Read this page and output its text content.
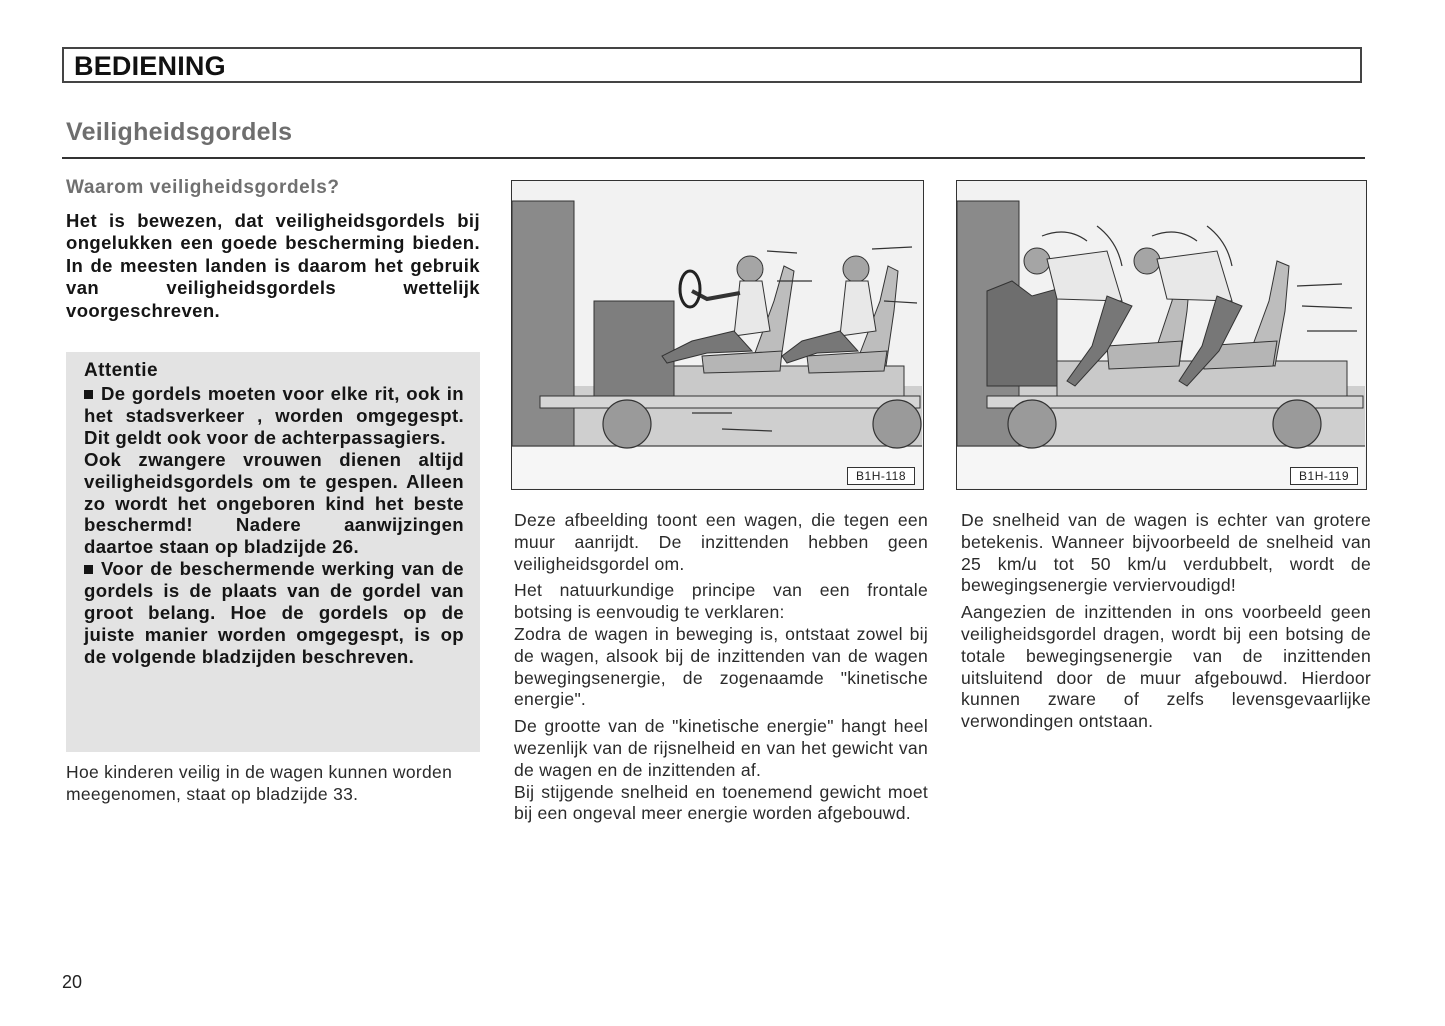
BEDIENING
Veiligheidsgordels
Waarom veiligheidsgordels?
Het is bewezen, dat veiligheidsgordels bij ongelukken een goede bescherming bieden. In de meesten landen is daarom het gebruik van veiligheidsgordels wettelijk voorgeschreven.
Attentie

De gordels moeten voor elke rit, ook in het stadsverkeer , worden omgegespt. Dit geldt ook voor de achterpassagiers.

Ook zwangere vrouwen dienen altijd veiligheidsgordels om te gespen. Alleen zo wordt het ongeboren kind het beste beschermd! Nadere aanwijzingen daartoe staan op bladzijde 26.

Voor de beschermende werking van de gordels is de plaats van de gordel van groot belang. Hoe de gordels op de juiste manier worden omgegespt, is op de volgende bladzijden beschreven.

Hoe kinderen veilig in de wagen kunnen worden meegenomen, staat op bladzijde 33.
B1H-118	B1H-119

Deze afbeelding toont een wagen, die tegen een muur aanrijdt. De inzittenden hebben geen veiligheidsgordel om.

Het natuurkundige principe van een frontale botsing is eenvoudig te verklaren:

Zodra de wagen in beweging is, ontstaat zowel bij de wagen, alsook bij de inzittenden van de wagen bewegingsenergie, de zogenaamde "kinetische energie".

De grootte van de "kinetische energie" hangt heel wezenlijk van de rijsnelheid en van het gewicht van de wagen en de inzittenden af.

Bij stijgende snelheid en toenemend gewicht moet bij een ongeval meer energie worden afgebouwd.

De snelheid van de wagen is echter van grotere betekenis. Wanneer bijvoorbeeld de snelheid van 25 km/u tot 50 km/u verdubbelt, wordt de bewegingsenergie verviervoudigd!

Aangezien de inzittenden in ons voorbeeld geen veiligheidsgordel dragen, wordt bij een botsing de totale bewegingsenergie van de inzittenden uitsluitend door de muur afgebouwd. Hierdoor kunnen zware of zelfs levensgevaarlijke verwondingen ontstaan.

20
